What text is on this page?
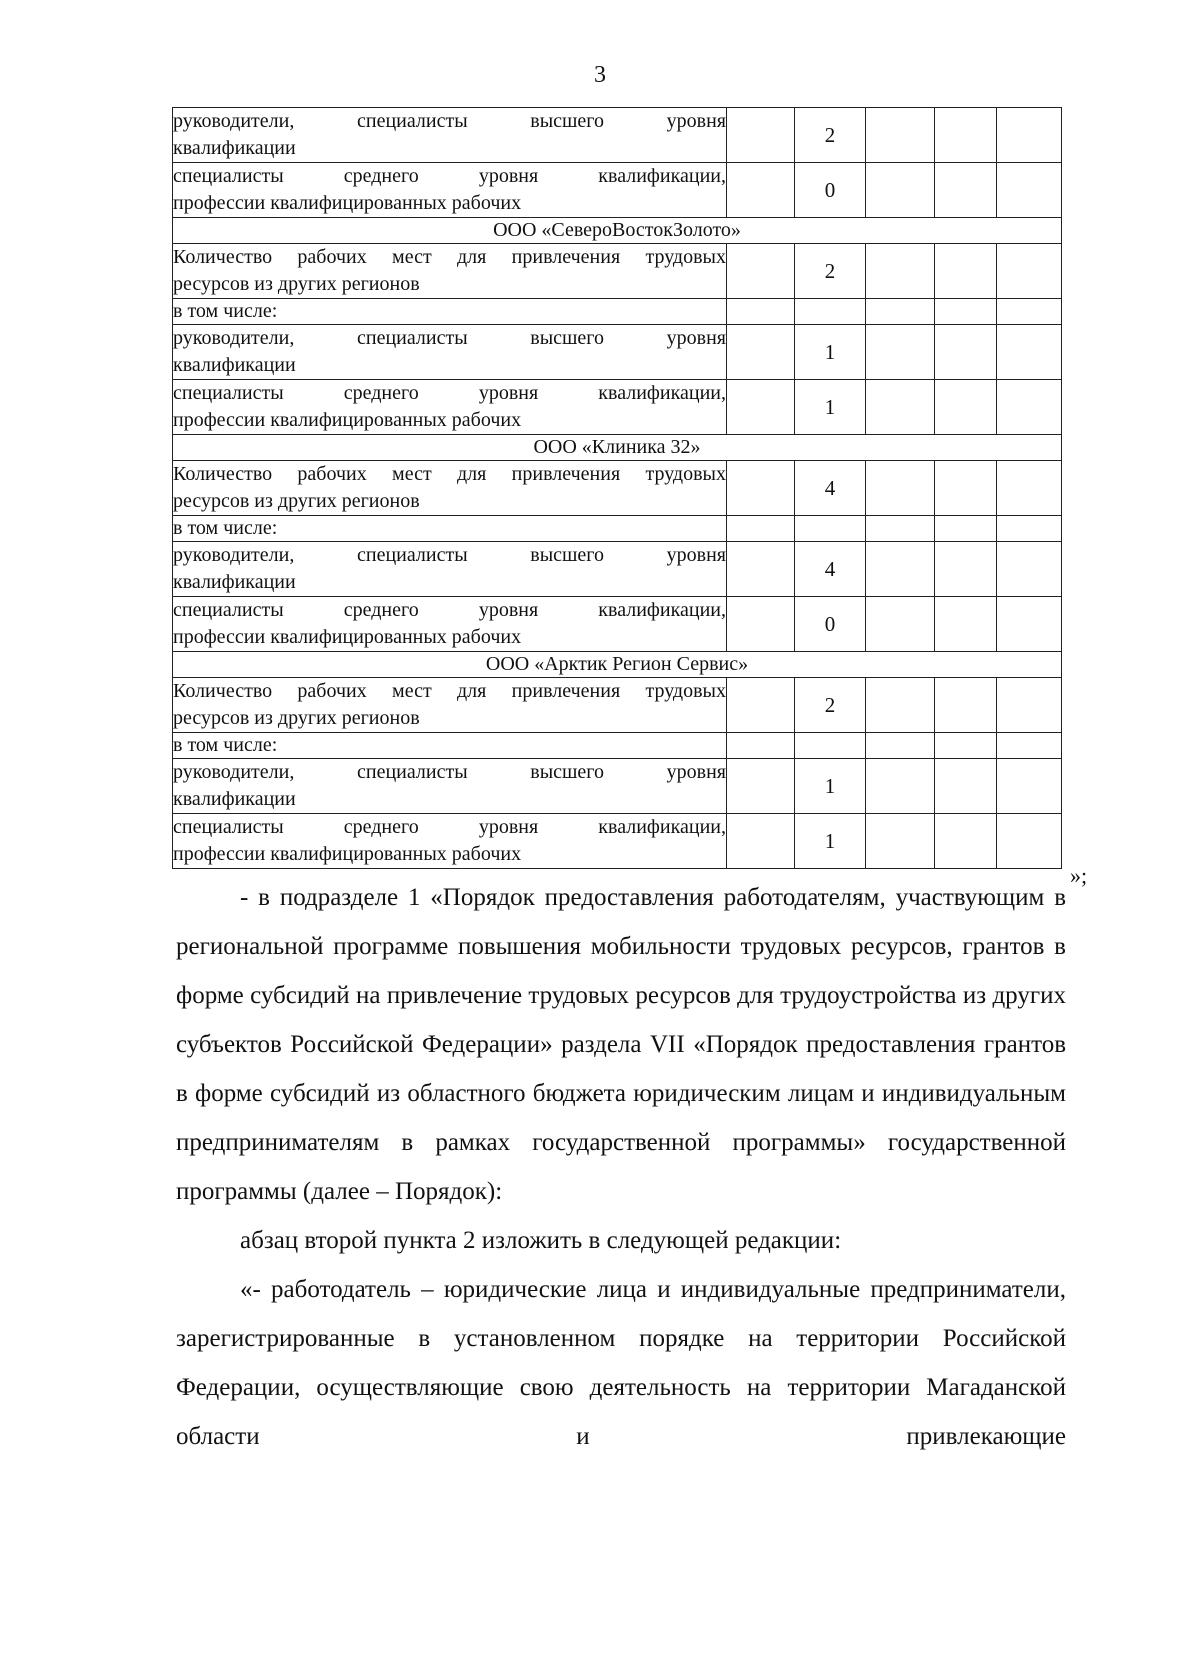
3
руководители, специалисты высшего уровня
квалификации		2			

специалисты среднего уровня квалификации,
профессии квалифицированных рабочих		0			
ООО «СевероВостокЗолото»					

Количество рабочих мест для привлечения трудовых
ресурсов из других регионов		2			
в том числе:					

руководители, специалисты высшего уровня
квалификации		1			

специалисты среднего уровня квалификации,
профессии квалифицированных рабочих		1			
ООО «Клиника 32»					

Количество рабочих мест для привлечения трудовых
ресурсов из других регионов		4			
в том числе:					

руководители, специалисты высшего уровня
квалификации		4			

специалисты среднего уровня квалификации,
профессии квалифицированных рабочих		0			
ООО «Арктик Регион Сервис»					

Количество рабочих мест для привлечения трудовых
ресурсов из других регионов		2			
в том числе:					

руководители, специалисты высшего уровня
квалификации		1			

специалисты среднего уровня квалификации,
профессии квалифицированных рабочих		1			
»;

- в подразделе 1 «Порядок предоставления работодателям, участвующим в региональной программе повышения мобильности трудовых ресурсов, грантов в форме субсидий на привлечение трудовых ресурсов для трудоустройства из других субъектов Российской Федерации» раздела VII «Порядок предоставления грантов в форме субсидий из областного бюджета юридическим лицам и индивидуальным предпринимателям в рамках государственной программы» государственной программы (далее – Порядок):

абзац второй пункта 2 изложить в следующей редакции:

«- работодатель – юридические лица и индивидуальные предприниматели, зарегистрированные в установленном порядке на территории Российской Федерации, осуществляющие свою деятельность на территории Магаданской области и привлекающие
